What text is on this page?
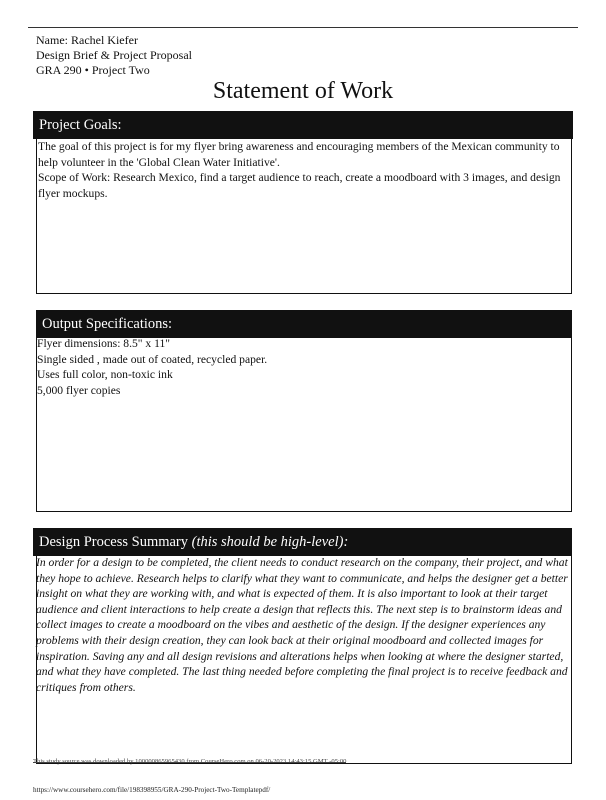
Name: Rachel Kiefer
Design Brief & Project Proposal
GRA 290 • Project Two
Statement of Work
Project Goals:

The goal of this project is for my flyer bring awareness and encouraging members of the Mexican community to help volunteer in the 'Global Clean Water Initiative'.

Scope of Work: Research Mexico, find a target audience to reach, create a moodboard with 3 images, and design flyer mockups.

Output Specifications:

Flyer dimensions: 8.5" x 11"

Single sided , made out of coated, recycled paper.

Uses full color, non-toxic ink

5,000 flyer copies

Design Process Summary (this should be high-level):
In order for a design to be completed, the client needs to conduct research on the company, their project, and what they hope to achieve. Research helps to clarify what they want to communicate, and helps the designer get a better insight on what they are working with, and what is expected of them. It is also important to look at their target audience and client interactions to help create a design that reflects this. The next step is to brainstorm ideas and collect images to create a moodboard on the vibes and aesthetic of the design. If the designer experiences any problems with their design creation, they can look back at their original moodboard and collected images for inspiration. Saving any and all design revisions and alterations helps when looking at where the designer started, and what they have completed. The last thing needed before completing the final project is to receive feedback and critiques from others.
https://www.coursehero.com/file/198398955/GRA-290-Project-Two-Templatepdf/
